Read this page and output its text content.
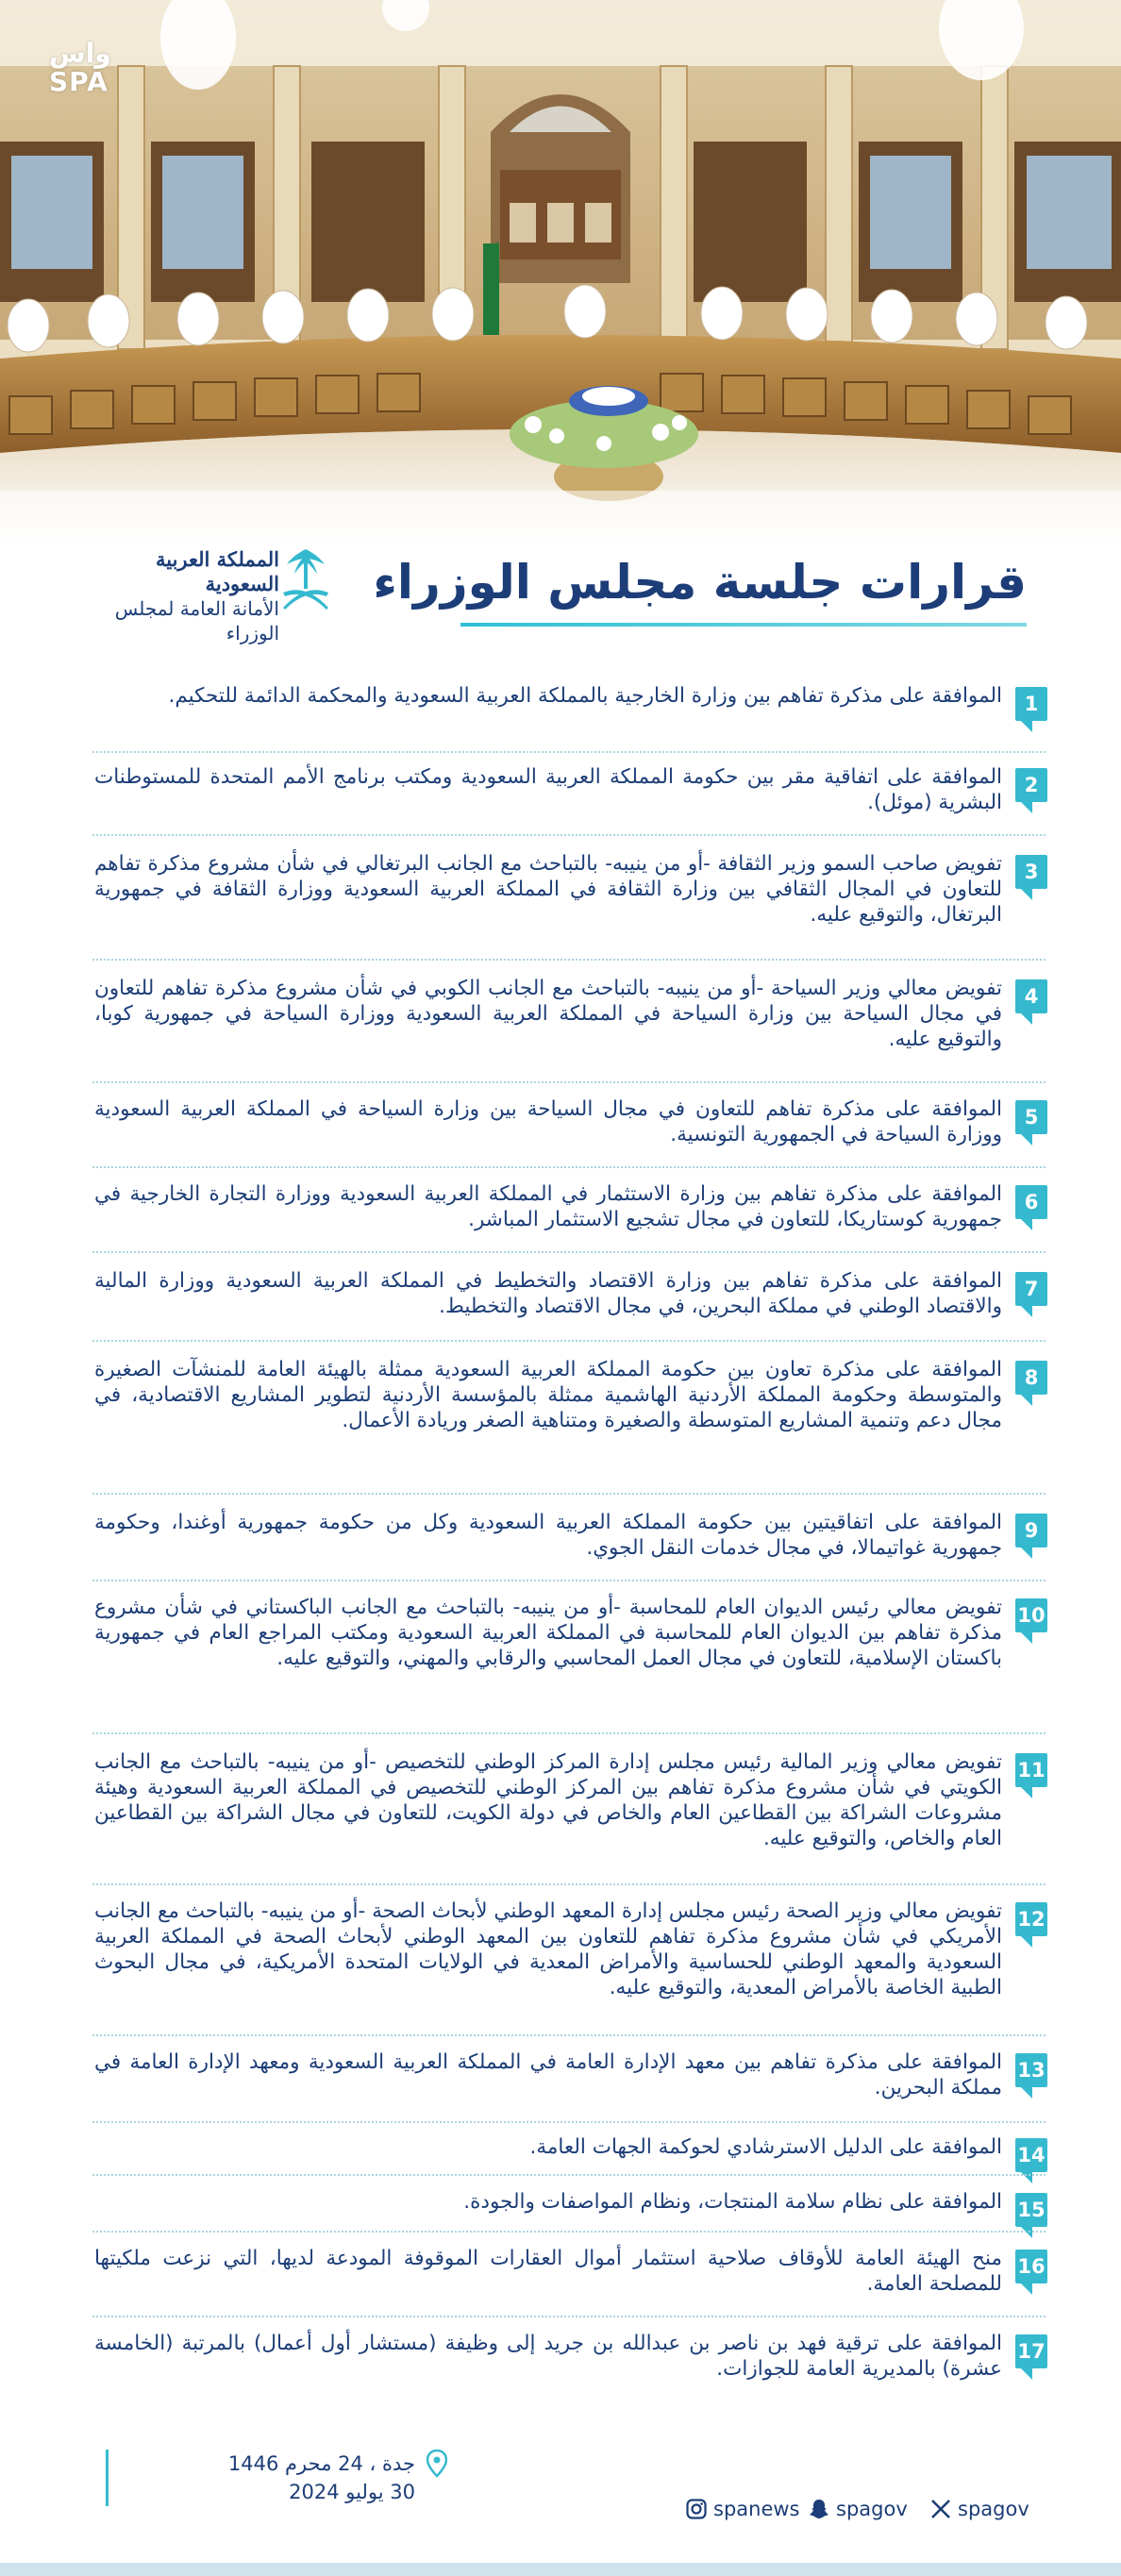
واس
SPA
قرارات جلسة مجلس الوزراء
المملكة العربية السعودية
الأمانة العامة لمجلس الوزراء
1
الموافقة على مذكرة تفاهم بين وزارة الخارجية بالمملكة العربية السعودية والمحكمة الدائمة للتحكيم.
2
الموافقة على اتفاقية مقر بين حكومة المملكة العربية السعودية ومكتب برنامج الأمم المتحدة للمستوطنات البشرية (موئل).
3
تفويض صاحب السمو وزير الثقافة -أو من ينيبه- بالتباحث مع الجانب البرتغالي في شأن مشروع مذكرة تفاهم للتعاون في المجال الثقافي بين وزارة الثقافة في المملكة العربية السعودية ووزارة الثقافة في جمهورية البرتغال، والتوقيع عليه.
4
تفويض معالي وزير السياحة -أو من ينيبه- بالتباحث مع الجانب الكوبي في شأن مشروع مذكرة تفاهم للتعاون في مجال السياحة بين وزارة السياحة في المملكة العربية السعودية ووزارة السياحة في جمهورية كوبا، والتوقيع عليه.
5
الموافقة على مذكرة تفاهم للتعاون في مجال السياحة بين وزارة السياحة في المملكة العربية السعودية ووزارة السياحة في الجمهورية التونسية.
6
الموافقة على مذكرة تفاهم بين وزارة الاستثمار في المملكة العربية السعودية ووزارة التجارة الخارجية في جمهورية كوستاريكا، للتعاون في مجال تشجيع الاستثمار المباشر.
7
الموافقة على مذكرة تفاهم بين وزارة الاقتصاد والتخطيط في المملكة العربية السعودية ووزارة المالية والاقتصاد الوطني في مملكة البحرين، في مجال الاقتصاد والتخطيط.
8
الموافقة على مذكرة تعاون بين حكومة المملكة العربية السعودية ممثلة بالهيئة العامة للمنشآت الصغيرة والمتوسطة وحكومة المملكة الأردنية الهاشمية ممثلة بالمؤسسة الأردنية لتطوير المشاريع الاقتصادية، في مجال دعم وتنمية المشاريع المتوسطة والصغيرة ومتناهية الصغر وريادة الأعمال.
9
الموافقة على اتفاقيتين بين حكومة المملكة العربية السعودية وكل من حكومة جمهورية أوغندا، وحكومة جمهورية غواتيمالا، في مجال خدمات النقل الجوي.
10
تفويض معالي رئيس الديوان العام للمحاسبة -أو من ينيبه- بالتباحث مع الجانب الباكستاني في شأن مشروع مذكرة تفاهم بين الديوان العام للمحاسبة في المملكة العربية السعودية ومكتب المراجع العام في جمهورية باكستان الإسلامية، للتعاون في مجال العمل المحاسبي والرقابي والمهني، والتوقيع عليه.
11
تفويض معالي وزير المالية رئيس مجلس إدارة المركز الوطني للتخصيص -أو من ينيبه- بالتباحث مع الجانب الكويتي في شأن مشروع مذكرة تفاهم بين المركز الوطني للتخصيص في المملكة العربية السعودية وهيئة مشروعات الشراكة بين القطاعين العام والخاص في دولة الكويت، للتعاون في مجال الشراكة بين القطاعين العام والخاص، والتوقيع عليه.
12
تفويض معالي وزير الصحة رئيس مجلس إدارة المعهد الوطني لأبحاث الصحة -أو من ينيبه- بالتباحث مع الجانب الأمريكي في شأن مشروع مذكرة تفاهم للتعاون بين المعهد الوطني لأبحاث الصحة في المملكة العربية السعودية والمعهد الوطني للحساسية والأمراض المعدية في الولايات المتحدة الأمريكية، في مجال البحوث الطبية الخاصة بالأمراض المعدية، والتوقيع عليه.
13
الموافقة على مذكرة تفاهم بين معهد الإدارة العامة في المملكة العربية السعودية ومعهد الإدارة العامة في مملكة البحرين.
14
الموافقة على الدليل الاسترشادي لحوكمة الجهات العامة.
15
الموافقة على نظام سلامة المنتجات، ونظام المواصفات والجودة.
16
منح الهيئة العامة للأوقاف صلاحية استثمار أموال العقارات الموقوفة المودعة لديها، التي نزعت ملكيتها للمصلحة العامة.
17
الموافقة على ترقية فهد بن ناصر بن عبدالله بن جريد إلى وظيفة (مستشار أول أعمال) بالمرتبة (الخامسة عشرة) بالمديرية العامة للجوازات.
جدة ، 24 محرم 1446
30 يوليو 2024
spagov
spagov
spanews
